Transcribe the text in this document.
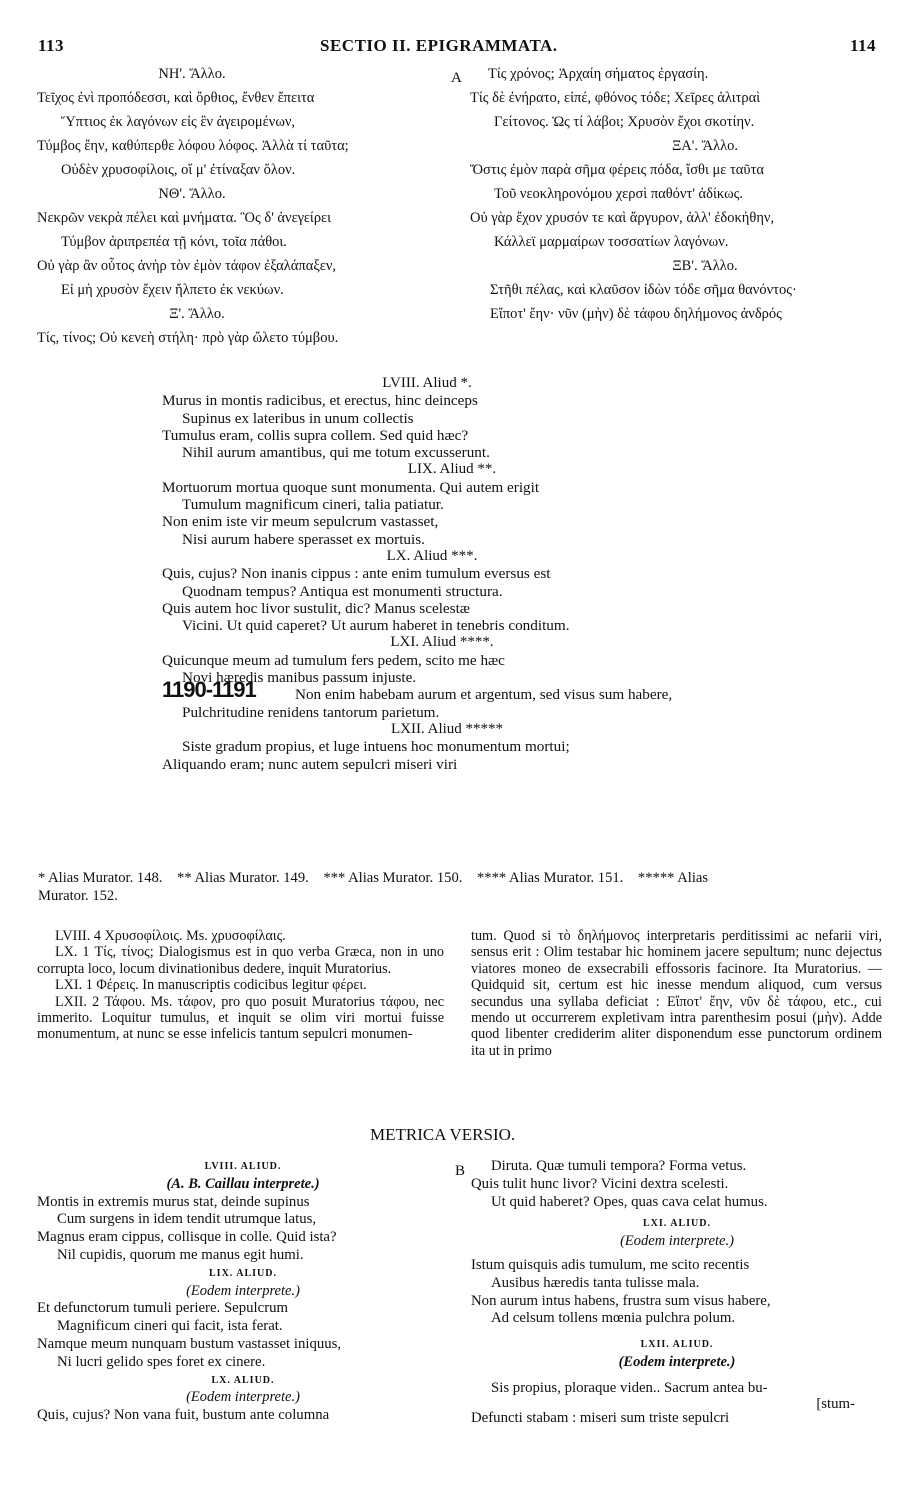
113	SECTIO II. EPIGRAMMATA.	114
A
B
ΝΗ'. Ἄλλο.
Τεῖχος ἐνὶ προπόδεσσι, καὶ ὄρθιος, ἔνθεν ἔπειτα
Ὕπτιος ἐκ λαγόνων εἰς ἓν ἀγειρομένων,
Τύμβος ἔην, καθύπερθε λόφου λόφος. Ἀλλὰ τί ταῦτα;
Οὐδὲν χρυσοφίλοις, οἵ μ' ἐτίναξαν ὅλον.
ΝΘ'. Ἄλλο.
Νεκρῶν νεκρὰ πέλει καὶ μνήματα. Ὃς δ' ἀνεγείρει
Τύμβον ἀριπρεπέα τῇ κόνι, τοῖα πάθοι.
Οὐ γὰρ ἂν οὗτος ἀνὴρ τὸν ἐμὸν τάφον ἐξαλάπαξεν,
Εἰ μὴ χρυσὸν ἔχειν ἤλπετο ἐκ νεκύων.
Ξ'. Ἄλλο.
Τίς, τίνος; Οὐ κενεὴ στήλη· πρὸ γὰρ ὤλετο τύμβου.
Τίς χρόνος; Ἀρχαίη σήματος ἐργασίη.
Τίς δὲ ἐνήρατο, εἰπέ, φθόνος τόδε; Χεῖρες ἀλιτραὶ
Γείτονος. Ὡς τί λάβοι; Χρυσὸν ἔχοι σκοτίην.
ΞΑ'. Ἄλλο.
Ὅστις ἐμὸν παρὰ σῆμα φέρεις πόδα, ἴσθι με ταῦτα
Τοῦ νεοκληρονόμου χερσὶ παθόντ' ἀδίκως.
Οὐ γὰρ ἔχον χρυσόν τε καὶ ἄργυρον, ἀλλ' ἐδοκήθην,
Κάλλεϊ μαρμαίρων τοσσατίων λαγόνων.
ΞΒ'. Ἄλλο.
Στῆθι πέλας, καὶ κλαῦσον ἰδὼν τόδε σῆμα θανόντος·
Εἴποτ' ἔην· νῦν (μὴν) δὲ τάφου δηλήμονος ἀνδρός
LVIII. Aliud *.
Murus in montis radicibus, et erectus, hinc deinceps
Supinus ex lateribus in unum collectis
Tumulus eram, collis supra collem. Sed quid hæc?
Nihil aurum amantibus, qui me totum excusserunt.
LIX. Aliud **.
Mortuorum mortua quoque sunt monumenta. Qui autem erigit
Tumulum magnificum cineri, talia patiatur.
Non enim iste vir meum sepulcrum vastasset,
Nisi aurum habere sperasset ex mortuis.
LX. Aliud ***.
Quis, cujus? Non inanis cippus : ante enim tumulum eversus est
Quodnam tempus? Antiqua est monumenti structura.
Quis autem hoc livor sustulit, dic? Manus scelestæ
Vicini. Ut quid caperet? Ut aurum haberet in tenebris conditum.
LXI. Aliud ****.
Quicunque meum ad tumulum fers pedem, scito me hæc
Novi hæredis manibus passum injuste.
1190-1191	Non enim habebam aurum et argentum, sed visus sum habere,
Pulchritudine renidens tantorum parietum.
LXII. Aliud *****
Siste gradum propius, et luge intuens hoc monumentum mortui;
Aliquando eram; nunc autem sepulcri miseri viri
* Alias Murator. 148.    ** Alias Murator. 149.    *** Alias Murator. 150.    **** Alias Murator. 151.    ***** Alias
Murator. 152.

LVIII. 4 Χρυσοφίλοις. Ms. χρυσοφίλαις.

LX. 1 Τίς, τίνος; Dialogismus est in quo verba Græca, non in uno corrupta loco, locum divinationibus dedere, inquit Muratorius.

LXI. 1 Φέρεις. In manuscriptis codicibus legitur φέρει.

LXII. 2 Τάφου. Ms. τάφον, pro quo posuit Muratorius τάφου, nec immerito. Loquitur tumulus, et inquit se olim viri mortui fuisse monumentum, at nunc se esse infelicis tantum sepulcri monumen-

tum. Quod si τὸ δηλήμονος interpretaris perditissimi ac nefarii viri, sensus erit : Olim testabar hic hominem jacere sepultum; nunc dejectus viatores moneo de exsecrabili effossoris facinore. Ita Muratorius. — Quidquid sit, certum est hic inesse mendum aliquod, cum versus secundus una syllaba deficiat : Εἴποτ' ἔην, νῦν δὲ τάφου, etc., cui mendo ut occurrerem expletivam intra parenthesim posui (μὴν). Adde quod libenter crediderim aliter disponendum esse punctorum ordinem ita ut in primo

METRICA VERSIO.
LVIII. ALIUD.
(A. B. Caillau interprete.)
Montis in extremis murus stat, deinde supinus
Cum surgens in idem tendit utrumque latus,
Magnus eram cippus, collisque in colle. Quid ista?
Nil cupidis, quorum me manus egit humi.
LIX. ALIUD.
(Eodem interprete.)
Et defunctorum tumuli periere. Sepulcrum
Magnificum cineri qui facit, ista ferat.
Namque meum nunquam bustum vastasset iniquus,
Ni lucri gelido spes foret ex cinere.
LX. ALIUD.
(Eodem interprete.)
Quis, cujus? Non vana fuit, bustum ante columna
Diruta. Quæ tumuli tempora? Forma vetus.
Quis tulit hunc livor? Vicini dextra scelesti.
Ut quid haberet? Opes, quas cava celat humus.
LXI. ALIUD.
(Eodem interprete.)
Istum quisquis adis tumulum, me scito recentis
Ausibus hæredis tanta tulisse mala.
Non aurum intus habens, frustra sum visus habere,
Ad celsum tollens mœnia pulchra polum.
LXII. ALIUD.
(Eodem interprete.)
Sis propius, ploraque viden.. Sacrum antea bu-
[stum-
Defuncti stabam : miseri sum triste sepulcri
